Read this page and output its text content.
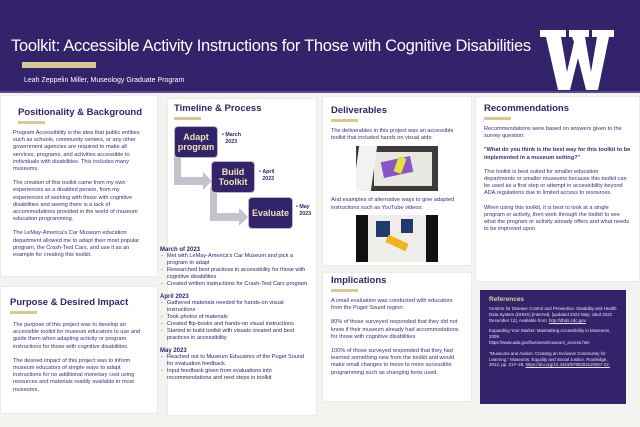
Toolkit: Accessible Activity Instructions for Those with Cognitive Disabilities
Leah Zeppelin Miller, Museology Graduate Program
Positionality & Background

Program Accessibility is the idea that public entities such as schools, community centers, or any other government agencies are required to make all services, programs, and activities accessible to individuals with disabilities. This includes many museums.

The creation of this toolkit came from my own experiences as a disabled person, from my experiences of working with those with cognitive disabilities and seeing there is a lack of accommodations provided in the world of museum education programming.

The LeMay-America's Car Museum education department allowed me to adapt their most popular program, the Crash-Test Cars, and use it as an example for creating this toolkit.

Purpose & Desired Impact

The purpose of this project was to develop an accessible toolkit for museum educators to use and guide them when adapting activity or program instructions for those with cognitive disabilities.

The desired impact of this project was to inform museum educators of simple ways to adapt instructions for no additional monetary cost using resources and materials readily available in most museums.

Timeline & Process
Adapt program
• March 2023
Build Toolkit
• April 2023
Evaluate
• May 2023
March of 2023
- Met with LeMay-America's Car Museum and pick a program to adapt
- Researched best practices in accessibility for those with cognitive disabilities
- Created written instructions for Crash-Test Cars program
April 2023
- Gathered materials needed for hands-on visual instructions
- Took photos of materials
- Created flip-books and hands-on visual instructions
- Started to build toolkit with visuals created and best practices in accessibility
May 2023
- Reached out to Museum Educators of the Puget Sound for evaluation feedback.
- Input feedback given from evaluations into recommendations and next steps in toolkit
Deliverables

The deliverables in this project was an accessible toolkit that included hands on visual aids:

And examples of alternative ways to give adapted instructions such as YouTube videos:

Implications

A small evaluation was conducted with educators from the Puget Sound region:

80% of those surveyed responded that they did not know if their museum already had accommodations for those with cognitive disabilities

100% of those surveyed responded that they had learned something new from the toolkit and would make small changes to move to more accessible programming such as changing fonts used.

Recommendations

Recommendations were based on answers given to the survey question:

"What do you think is the best way for this toolkit to be implemented in a museum setting?"

This toolkit is best suited for smaller education departments or smaller museums because this toolkit can be used as a first step or attempt in accessibility beyond ADA regulations due to limited access to resources.

When using this toolkit, it is best to look at a single program or activity, then work through the toolkit to see what the program or activity already offers and what needs to be improved upon.

References

Centers for Disease Control and Prevention. Disability and Health Data System (DHDS) [Internet]. [updated 2022 May; cited 2022 December 12]. Available from: http://dhds.cdc.gov

Expanding Your Market: Maintaining Accessibility in Museums, 2009.
https://www.ada.gov/business/museum_access.htm

"Museums and Autism: Creating an Inclusive Community for Learning." Museums, Equality and Social Justice, Routledge, 2012, pp. 217–28, https://doi.org/10.4324/9780203120057-22.
